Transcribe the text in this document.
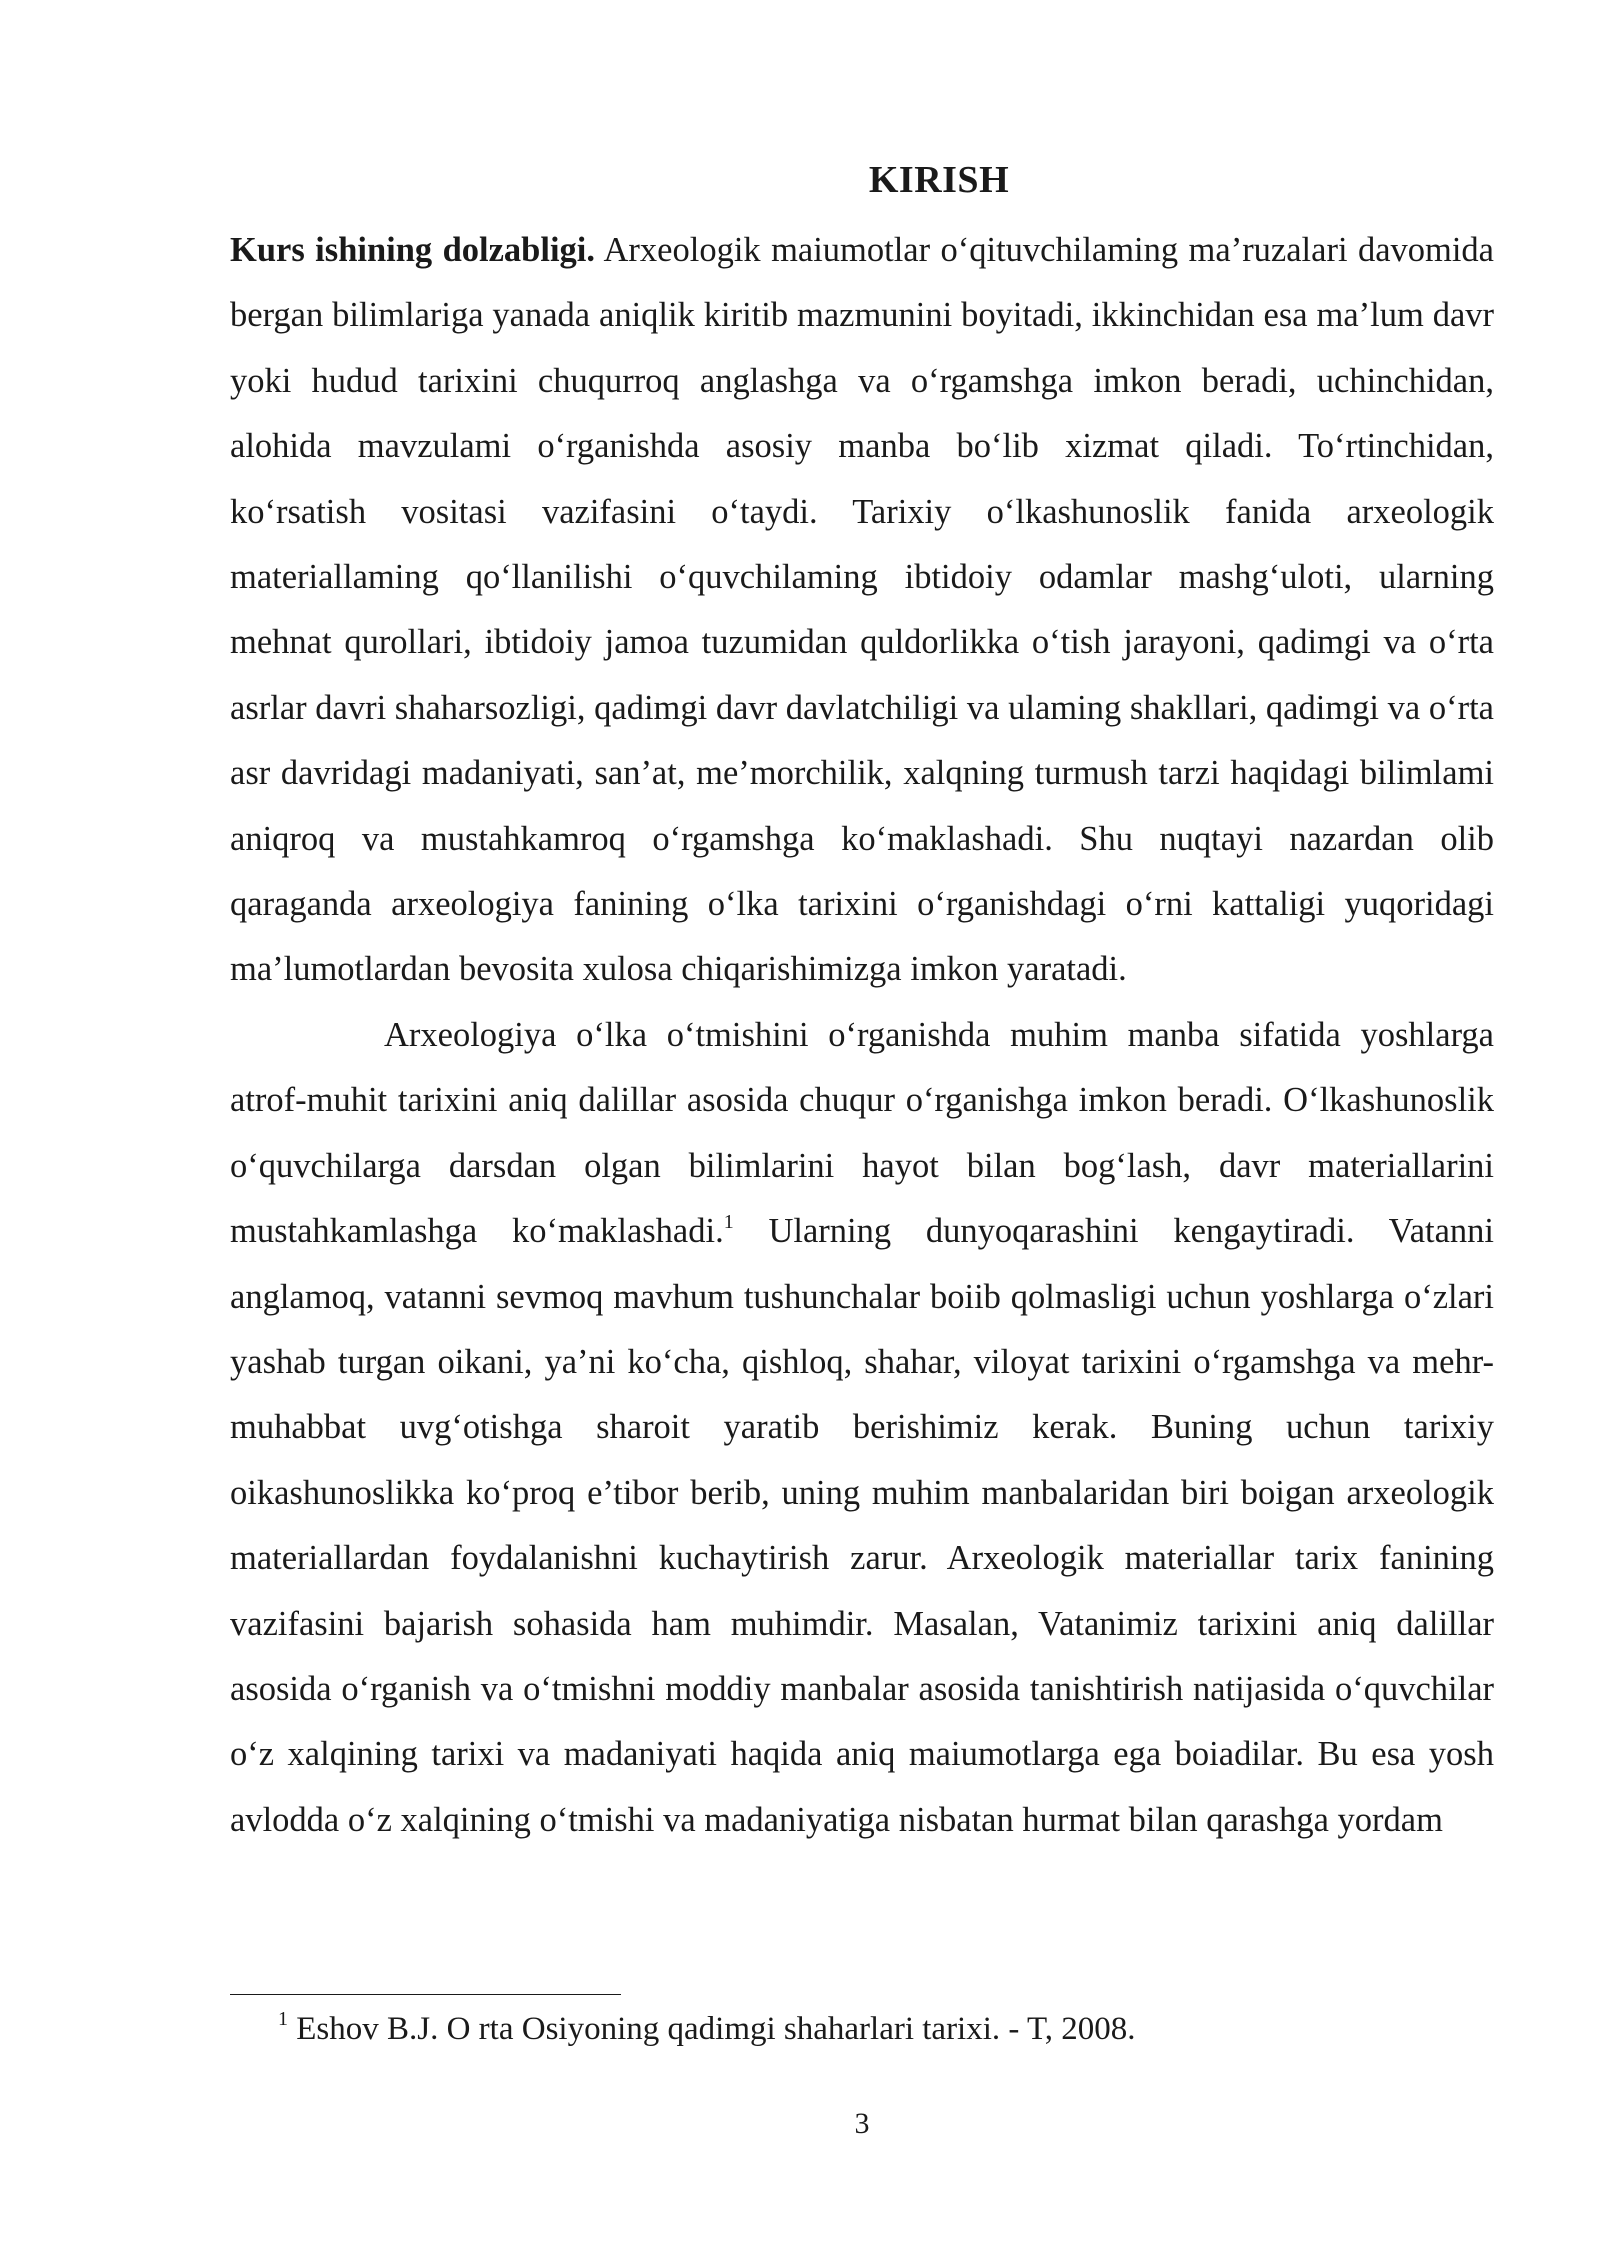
KIRISH

Kurs ishining dolzabligi. Arxeologik maiumotlar o‘qituvchilaming ma’ruzalari davomida bergan bilimlariga yanada aniqlik kiritib mazmunini boyitadi, ikkinchidan esa ma’lum davr yoki hudud tarixini chuqurroq anglashga va o‘rgamshga imkon beradi, uchinchidan, alohida mavzulami o‘rganishda asosiy manba bo‘lib xizmat qiladi. To‘rtinchidan, ko‘rsatish vositasi vazifasini o‘taydi. Tarixiy o‘lkashunoslik fanida arxeologik materiallaming qo‘llanilishi o‘quvchilaming ibtidoiy odamlar mashg‘uloti, ularning mehnat qurollari, ibtidoiy jamoa tuzumidan quldorlikka o‘tish jarayoni, qadimgi va o‘rta asrlar davri shaharsozligi, qadimgi davr davlatchiligi va ulaming shakllari, qadimgi va o‘rta asr davridagi madaniyati, san’at, me’morchilik, xalqning turmush tarzi haqidagi bilimlami aniqroq va mustahkamroq o‘rgamshga ko‘maklashadi. Shu nuqtayi nazardan olib qaraganda arxeologiya fanining o‘lka tarixini o‘rganishdagi o‘rni kattaligi yuqoridagi ma’lumotlardan bevosita xulosa chiqarishimizga imkon yaratadi.

Arxeologiya o‘lka o‘tmishini o‘rganishda muhim manba sifatida yoshlarga atrof-muhit tarixini aniq dalillar asosida chuqur o‘rganishga imkon beradi. O‘lkashunoslik o‘quvchilarga darsdan olgan bilimlarini hayot bilan bog‘lash, davr materiallarini mustahkamlashga ko‘maklashadi.$^1$ Ularning dunyoqarashini kengaytiradi. Vatanni anglamoq, vatanni sevmoq mavhum tushunchalar boiib qolmasligi uchun yoshlarga o‘zlari yashab turgan oikani, ya’ni ko‘cha, qishloq, shahar, viloyat tarixini o‘rgamshga va mehr-muhabbat uvg‘otishga sharoit yaratib berishimiz kerak. Buning uchun tarixiy oikashunoslikka ko‘proq e’tibor berib, uning muhim manbalaridan biri boigan arxeologik materiallardan foydalanishni kuchaytirish zarur. Arxeologik materiallar tarix fanining vazifasini bajarish sohasida ham muhimdir. Masalan, Vatanimiz tarixini aniq dalillar asosida o‘rganish va o‘tmishni moddiy manbalar asosida tanishtirish natijasida o‘quvchilar o‘z xalqining tarixi va madaniyati haqida aniq maiumotlarga ega boiadilar. Bu esa yosh avlodda o‘z xalqining o‘tmishi va madaniyatiga nisbatan hurmat bilan qarashga yordam

$^1$ Eshov B.J. O rta Osiyoning qadimgi shaharlari tarixi. - T, 2008.

3
